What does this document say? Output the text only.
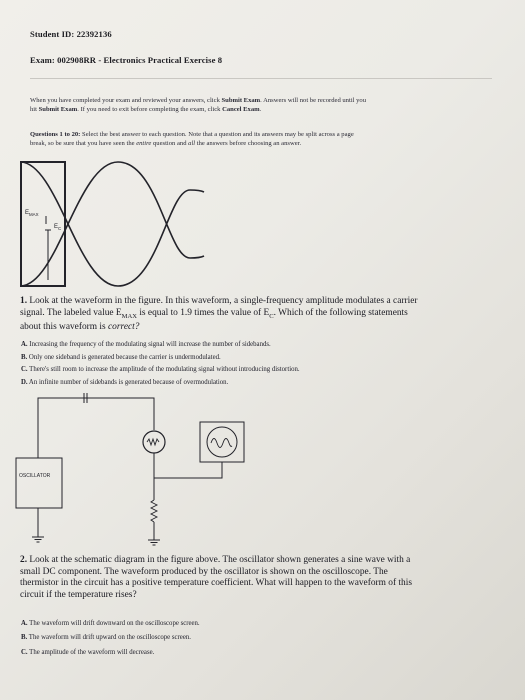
Student ID: 22392136
Exam: 002908RR - Electronics Practical Exercise 8
When you have completed your exam and reviewed your answers, click Submit Exam. Answers will not be recorded until you
hit Submit Exam. If you need to exit before completing the exam, click Cancel Exam.
Questions 1 to 20: Select the best answer to each question. Note that a question and its answers may be split across a page
break, so be sure that you have seen the entire question and all the answers before choosing an answer.
$E_{MAX}$
$E_C$
1. Look at the waveform in the figure. In this waveform, a single-frequency amplitude modulates a carrier
signal. The labeled value $E_{MAX}$ is equal to 1.9 times the value of $E_C$. Which of the following statements
about this waveform is correct?
A. Increasing the frequency of the modulating signal will increase the number of sidebands.
B. Only one sideband is generated because the carrier is undermodulated.
C. There's still room to increase the amplitude of the modulating signal without introducing distortion.
D. An infinite number of sidebands is generated because of overmodulation.
OSCILLATOR
2. Look at the schematic diagram in the figure above. The oscillator shown generates a sine wave with a
small DC component. The waveform produced by the oscillator is shown on the oscilloscope. The
thermistor in the circuit has a positive temperature coefficient. What will happen to the waveform of this
circuit if the temperature rises?
A. The waveform will drift downward on the oscilloscope screen.
B. The waveform will drift upward on the oscilloscope screen.
C. The amplitude of the waveform will decrease.
